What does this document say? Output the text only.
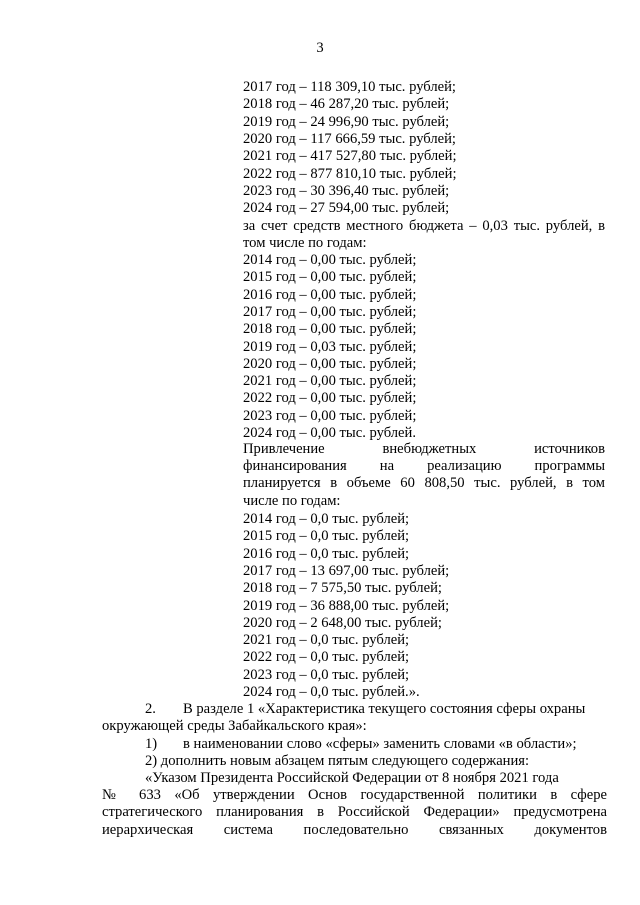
3
2017 год – 118 309,10 тыс. рублей;
2018 год – 46 287,20 тыс. рублей;
2019 год – 24 996,90 тыс. рублей;
2020 год – 117 666,59 тыс. рублей;
2021 год – 417 527,80 тыс. рублей;
2022 год – 877 810,10 тыс. рублей;
2023 год – 30 396,40 тыс. рублей;
2024 год – 27 594,00 тыс. рублей;
за счет средств местного бюджета – 0,03 тыс. рублей, в
том числе по годам:
2014 год – 0,00 тыс. рублей;
2015 год – 0,00 тыс. рублей;
2016 год – 0,00 тыс. рублей;
2017 год – 0,00 тыс. рублей;
2018 год – 0,00 тыс. рублей;
2019 год – 0,03 тыс. рублей;
2020 год – 0,00 тыс. рублей;
2021 год – 0,00 тыс. рублей;
2022 год – 0,00 тыс. рублей;
2023 год – 0,00 тыс. рублей;
2024 год – 0,00 тыс. рублей.
Привлечение внебюджетных источников
финансирования на реализацию программы
планируется в объеме 60 808,50 тыс. рублей, в том
числе по годам:
2014 год – 0,0 тыс. рублей;
2015 год – 0,0 тыс. рублей;
2016 год – 0,0 тыс. рублей;
2017 год – 13 697,00 тыс. рублей;
2018 год – 7 575,50 тыс. рублей;
2019 год – 36 888,00 тыс. рублей;
2020 год – 2 648,00 тыс. рублей;
2021 год – 0,0 тыс. рублей;
2022 год – 0,0 тыс. рублей;
2023 год – 0,0 тыс. рублей;
2024 год – 0,0 тыс. рублей.».
2. В разделе 1 «Характеристика текущего состояния сферы охраны
окружающей среды Забайкальского края»:
1) в наименовании слово «сферы» заменить словами «в области»;
2) дополнить новым абзацем пятым следующего содержания:
«Указом Президента Российской Федерации от 8 ноября 2021 года
№ 633 «Об утверждении Основ государственной политики в сфере
стратегического планирования в Российской Федерации» предусмотрена
иерархическая система последовательно связанных документов
